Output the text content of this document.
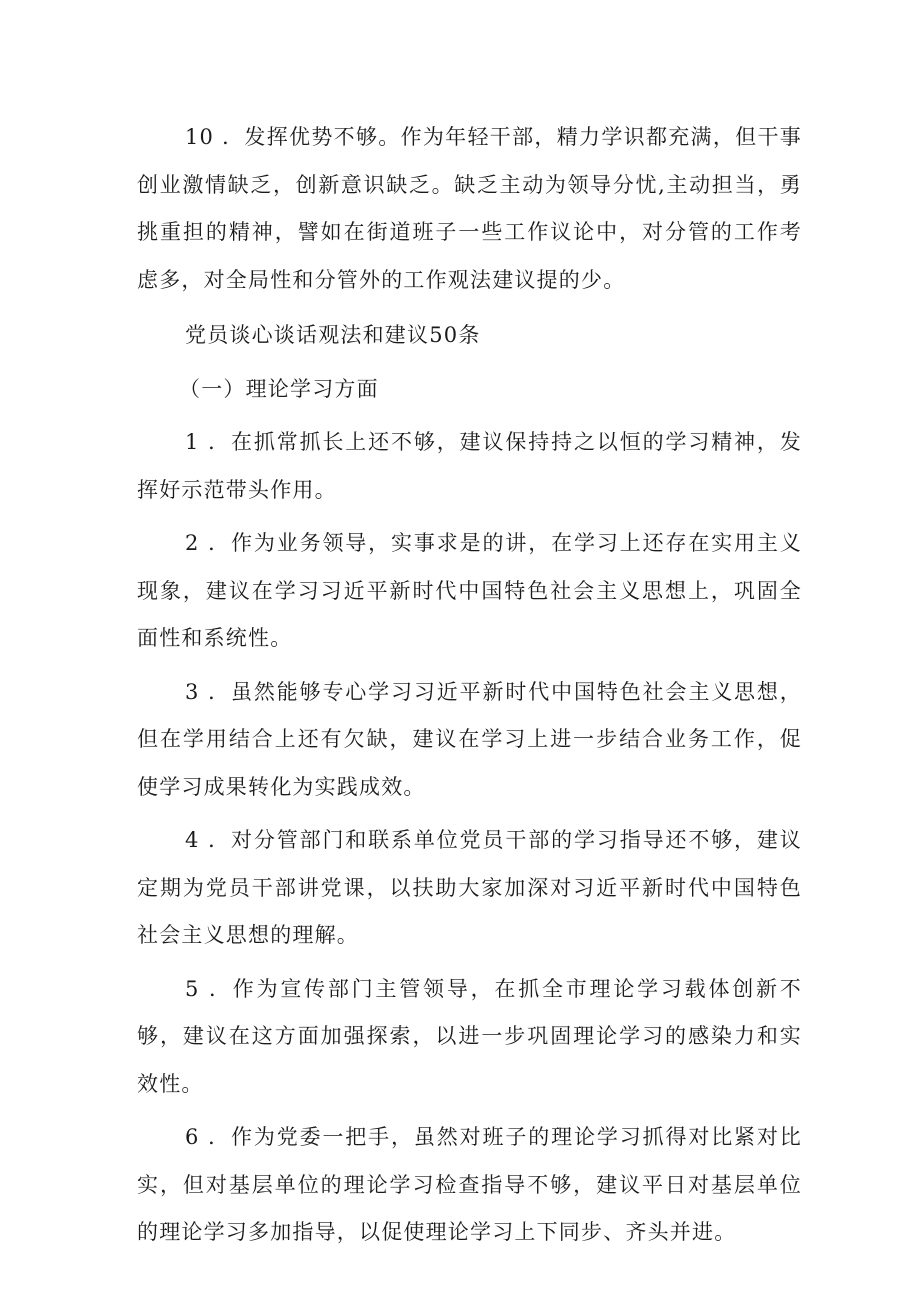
10 ．发挥优势不够。作为年轻干部，精力学识都充满，但干事创业激情缺乏，创新意识缺乏。缺乏主动为领导分忧,主动担当，勇挑重担的精神，譬如在街道班子一些工作议论中，对分管的工作考虑多，对全局性和分管外的工作观法建议提的少。

党员谈心谈话观法和建议50条

（一）理论学习方面

1 ．在抓常抓长上还不够，建议保持持之以恒的学习精神，发挥好示范带头作用。

2 ．作为业务领导，实事求是的讲，在学习上还存在实用主义现象，建议在学习习近平新时代中国特色社会主义思想上，巩固全面性和系统性。

3 ．虽然能够专心学习习近平新时代中国特色社会主义思想，但在学用结合上还有欠缺，建议在学习上进一步结合业务工作，促使学习成果转化为实践成效。

4 ．对分管部门和联系单位党员干部的学习指导还不够，建议定期为党员干部讲党课，以扶助大家加深对习近平新时代中国特色社会主义思想的理解。

5 ．作为宣传部门主管领导，在抓全市理论学习载体创新不够，建议在这方面加强探索，以进一步巩固理论学习的感染力和实效性。

6 ．作为党委一把手，虽然对班子的理论学习抓得对比紧对比实，但对基层单位的理论学习检查指导不够，建议平日对基层单位的理论学习多加指导，以促使理论学习上下同步、齐头并进。
